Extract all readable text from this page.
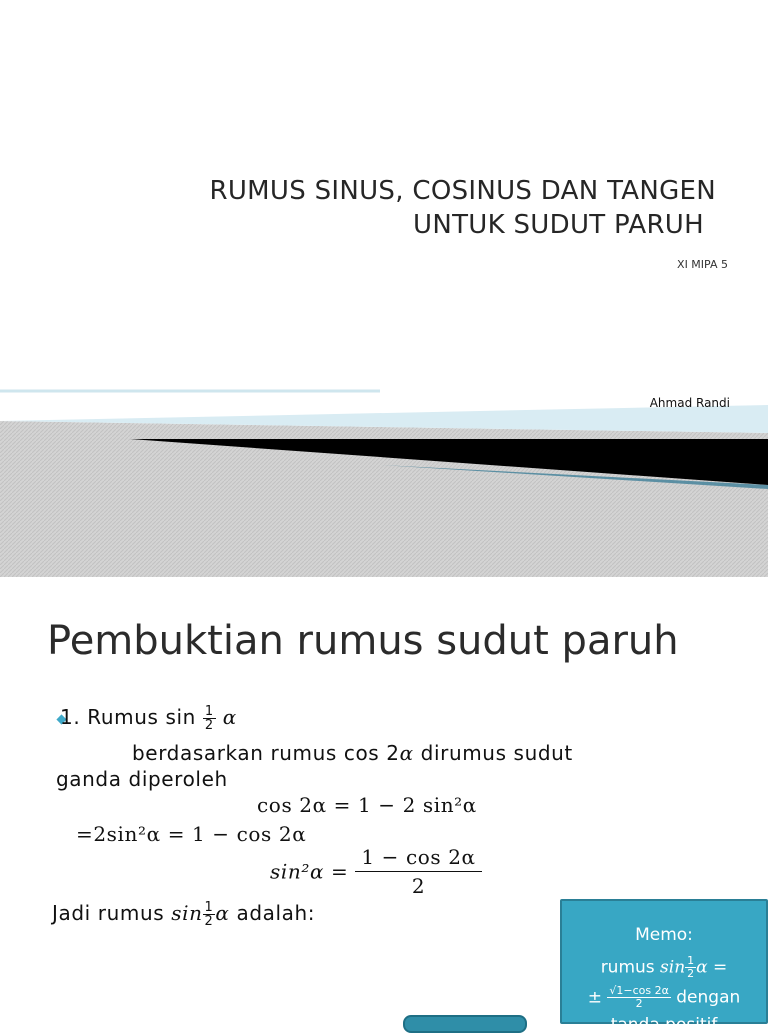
RUMUS SINUS, COSINUS DAN TANGEN
UNTUK SUDUT PARUH
XI MIPA 5
Ahmad Randi
Pembuktian rumus sudut paruh
1. Rumus $\sin \frac{1}{2}$ α
berdasarkan rumus cos 2α dirumus sudut
ganda diperoleh
cos 2α = 1 − 2 sin²α
=2sin²α = 1 − cos 2α
$\sin^2\alpha = \frac{1 - \cos 2\alpha}{2}$
Jadi rumus $\sin \frac{1}{2}$ α adalah:
Memo:
rumus $\sin \frac{1}{2}$ α =
± $\frac{√1-\cos 2\alpha}{2}$ dengan
tanda positif
